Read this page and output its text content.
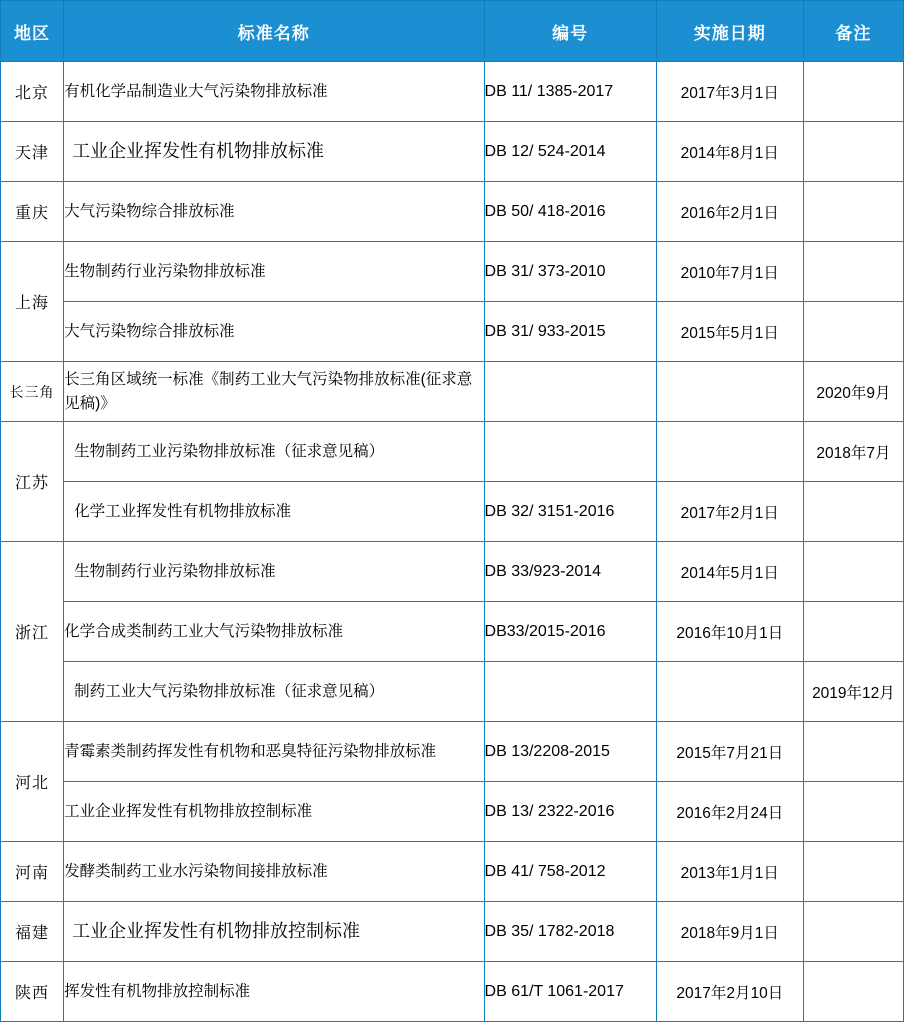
地区	标准名称	编号	实施日期	备注
北京	有机化学品制造业大气污染物排放标准	DB 11/ 1385-2017	2017年3月1日	
天津	工业企业挥发性有机物排放标准	DB 12/ 524-2014	2014年8月1日	
重庆	大气污染物综合排放标准	DB 50/ 418-2016	2016年2月1日	
上海	生物制药行业污染物排放标准	DB 31/ 373-2010	2010年7月1日	
	大气污染物综合排放标准	DB 31/ 933-2015	2015年5月1日	
长三角	长三角区域统一标准《制药工业大气污染物排放标准(征求意见稿)》			2020年9月
江苏	生物制药工业污染物排放标准（征求意见稿）			2018年7月
	化学工业挥发性有机物排放标准	DB 32/ 3151-2016	2017年2月1日	
浙江	生物制药行业污染物排放标准	DB 33/923-2014	2014年5月1日	
	化学合成类制药工业大气污染物排放标准	DB33/2015-2016	2016年10月1日	
	制药工业大气污染物排放标准（征求意见稿）			2019年12月
河北	青霉素类制药挥发性有机物和恶臭特征污染物排放标准	DB 13/2208-2015	2015年7月21日	
	工业企业挥发性有机物排放控制标准	DB 13/ 2322-2016	2016年2月24日	
河南	发酵类制药工业水污染物间接排放标准	DB 41/ 758-2012	2013年1月1日	
福建	工业企业挥发性有机物排放控制标准	DB 35/ 1782-2018	2018年9月1日	
陕西	挥发性有机物排放控制标准	DB 61/T 1061-2017	2017年2月10日	
